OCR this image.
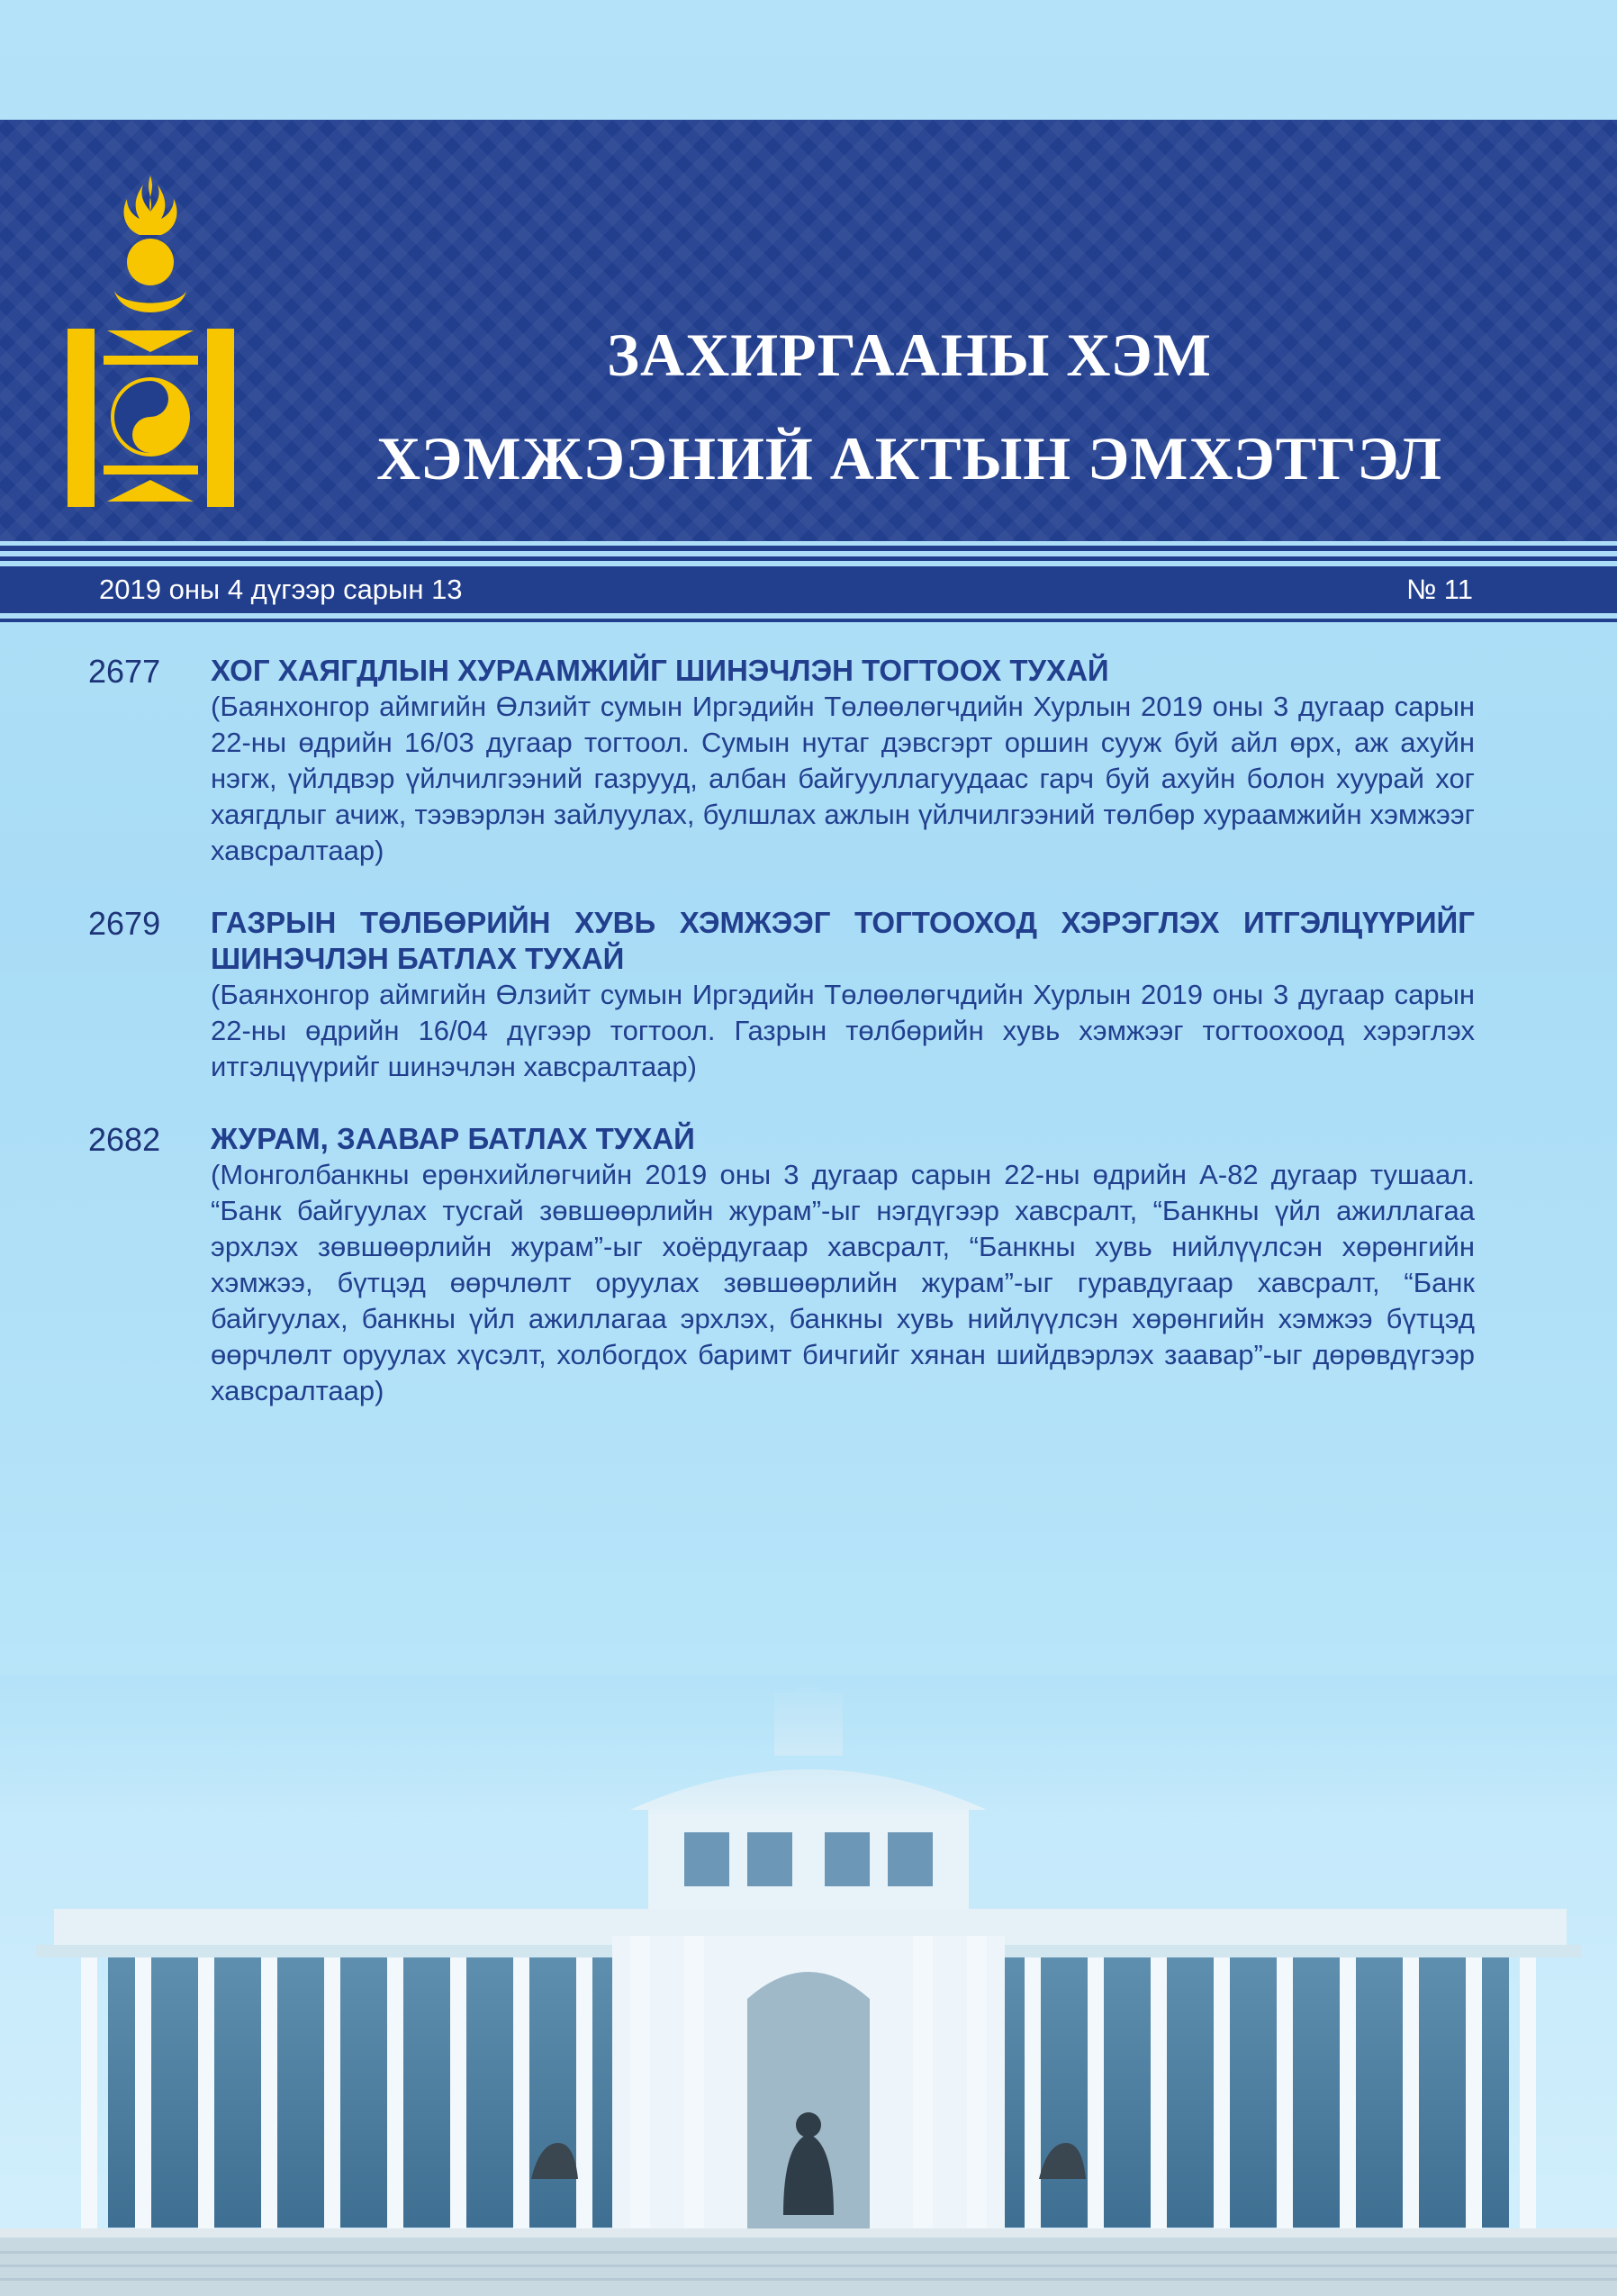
ЗАХИРГААНЫ ХЭМ
ХЭМЖЭЭНИЙ АКТЫН ЭМХЭТГЭЛ
2019 оны 4 дүгээр сарын 13	№ 11
2677	ХОГ ХАЯГДЛЫН ХУРААМЖИЙГ ШИНЭЧЛЭН ТОГТООХ ТУХАЙ
(Баянхонгор аймгийн Өлзийт сумын Иргэдийн Төлөөлөгчдийн Хурлын 2019 оны 3 дугаар сарын 22-ны өдрийн 16/03 дугаар тогтоол. Сумын нутаг дэвсгэрт оршин сууж буй айл өрх, аж ахуйн нэгж, үйлдвэр үйлчилгээний газрууд, албан байгууллагуудаас гарч буй ахуйн болон хуурай хог хаягдлыг ачиж, тээвэрлэн зайлуулах, булшлах ажлын үйлчилгээний төлбөр хураамжийн хэмжээг хавсралтаар)
2679	ГАЗРЫН ТӨЛБӨРИЙН ХУВЬ ХЭМЖЭЭГ ТОГТООХОД ХЭРЭГЛЭХ ИТГЭЛЦҮҮРИЙГ ШИНЭЧЛЭН БАТЛАХ ТУХАЙ
(Баянхонгор аймгийн Өлзийт сумын Иргэдийн Төлөөлөгчдийн Хурлын 2019 оны 3 дугаар сарын 22-ны өдрийн 16/04 дүгээр тогтоол. Газрын төлбөрийн хувь хэмжээг тогтоохоод хэрэглэх итгэлцүүрийг шинэчлэн хавсралтаар)
2682	ЖУРАМ, ЗААВАР БАТЛАХ ТУХАЙ
(Монголбанкны ерөнхийлөгчийн 2019 оны 3 дугаар сарын 22-ны өдрийн А-82 дугаар тушаал. “Банк байгуулах тусгай зөвшөөрлийн журам”-ыг нэгдүгээр хавсралт, “Банкны үйл ажиллагаа эрхлэх зөвшөөрлийн журам”-ыг хоёрдугаар хавсралт, “Банкны хувь нийлүүлсэн хөрөнгийн хэмжээ, бүтцэд өөрчлөлт оруулах зөвшөөрлийн журам”-ыг гуравдугаар хавсралт, “Банк байгуулах, банкны үйл ажиллагаа эрхлэх, банкны хувь нийлүүлсэн хөрөнгийн хэмжээ бүтцэд өөрчлөлт оруулах хүсэлт, холбогдох баримт бичгийг хянан шийдвэрлэх заавар”-ыг дөрөвдүгээр хавсралтаар)
